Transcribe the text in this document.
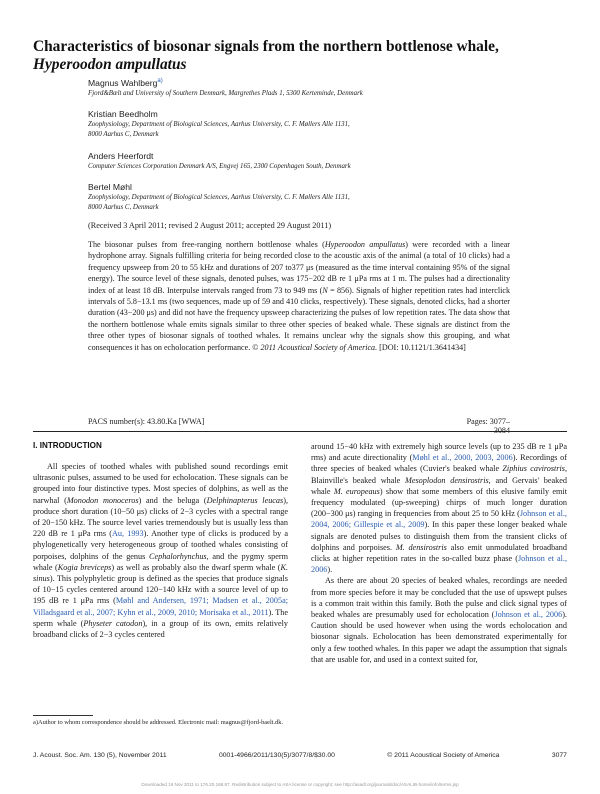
Characteristics of biosonar signals from the northern bottlenose whale, Hyperoodon ampullatus
Magnus Wahlberg$^{a)}$
Fjord&Bælt and University of Southern Denmark, Margrethes Plads 1, 5300 Kerteminde, Denmark
Kristian Beedholm
Zoophysiology, Department of Biological Sciences, Aarhus University, C. F. Møllers Alle 1131,
8000 Aarhus C, Denmark
Anders Heerfordt
Computer Sciences Corporation Denmark A/S, Engvej 165, 2300 Copenhagen South, Denmark
Bertel Møhl
Zoophysiology, Department of Biological Sciences, Aarhus University, C. F. Møllers Alle 1131,
8000 Aarhus C, Denmark
(Received 3 April 2011; revised 2 August 2011; accepted 29 August 2011)
The biosonar pulses from free-ranging northern bottlenose whales (Hyperoodon ampullatus) were recorded with a linear hydrophone array. Signals fulfilling criteria for being recorded close to the acoustic axis of the animal (a total of 10 clicks) had a frequency upsweep from 20 to 55 kHz and durations of 207 to377 μs (measured as the time interval containing 95% of the signal energy). The source level of these signals, denoted pulses, was 175−202 dB re 1 μPa rms at 1 m. The pulses had a directionality index of at least 18 dB. Interpulse intervals ranged from 73 to 949 ms (N = 856). Signals of higher repetition rates had interclick intervals of 5.8−13.1 ms (two sequences, made up of 59 and 410 clicks, respectively). These signals, denoted clicks, had a shorter duration (43−200 μs) and did not have the frequency upsweep characterizing the pulses of low repetition rates. The data show that the northern bottlenose whale emits signals similar to three other species of beaked whale. These signals are distinct from the three other types of biosonar signals of toothed whales. It remains unclear why the signals show this grouping, and what consequences it has on echolocation performance. © 2011 Acoustical Society of America. [DOI: 10.1121/1.3641434]
PACS number(s): 43.80.Ka [WWA]	Pages: 3077–3084
I. INTRODUCTION
All species of toothed whales with published sound recordings emit ultrasonic pulses, assumed to be used for echolocation. These signals can be grouped into four distinctive types. Most species of dolphins, as well as the narwhal (Monodon monoceros) and the beluga (Delphinapterus leucas), produce short duration (10−50 μs) clicks of 2−3 cycles with a spectral range of 20−150 kHz. The source level varies tremendously but is usually less than 220 dB re 1 μPa rms (Au, 1993). Another type of clicks is produced by a phylogenetically very heterogeneous group of toothed whales consisting of porpoises, dolphins of the genus Cephalorhynchus, and the pygmy sperm whale (Kogia breviceps) as well as probably also the dwarf sperm whale (K. sinus). This polyphyletic group is defined as the species that produce signals of 10−15 cycles centered around 120−140 kHz with a source level of up to 195 dB re 1 μPa rms (Møhl and Andersen, 1971; Madsen et al., 2005a; Villadsgaard et al., 2007; Kyhn et al., 2009, 2010; Morisaka et al., 2011). The sperm whale (Physeter catodon), in a group of its own, emits relatively broadband clicks of 2−3 cycles centered
around 15−40 kHz with extremely high source levels (up to 235 dB re 1 μPa rms) and acute directionality (Møhl et al., 2000, 2003, 2006). Recordings of three species of beaked whales (Cuvier's beaked whale Ziphius cavirostris, Blainville's beaked whale Mesoplodon densirostris, and Gervais' beaked whale M. europeaus) show that some members of this elusive family emit frequency modulated (up-sweeping) chirps of much longer duration (200−300 μs) ranging in frequencies from about 25 to 50 kHz (Johnson et al., 2004, 2006; Gillespie et al., 2009). In this paper these longer beaked whale signals are denoted pulses to distinguish them from the transient clicks of dolphins and porpoises. M. densirostris also emit unmodulated broadband clicks at higher repetition rates in the so-called buzz phase (Johnson et al., 2006).
As there are about 20 species of beaked whales, recordings are needed from more species before it may be concluded that the use of upswept pulses is a common trait within this family. Both the pulse and click signal types of beaked whales are presumably used for echolocation (Johnson et al., 2006). Caution should be used however when using the words echolocation and biosonar signals. Echolocation has been demonstrated experimentally for only a few toothed whales. In this paper we adapt the assumption that signals that are usable for, and used in a context suited for,
a)Author to whom correspondence should be addressed. Electronic mail: magnus@fjord-baelt.dk.
J. Acoust. Soc. Am. 130 (5), November 2011	0001-4966/2011/130(5)/3077/8/$30.00	© 2011 Acoustical Society of America	3077
Downloaded 16 Nov 2011 to 176.20.168.87. Redistribution subject to ASA license or copyright; see http://asadl.org/journals/doc/ASALIB-home/info/terms.jsp
